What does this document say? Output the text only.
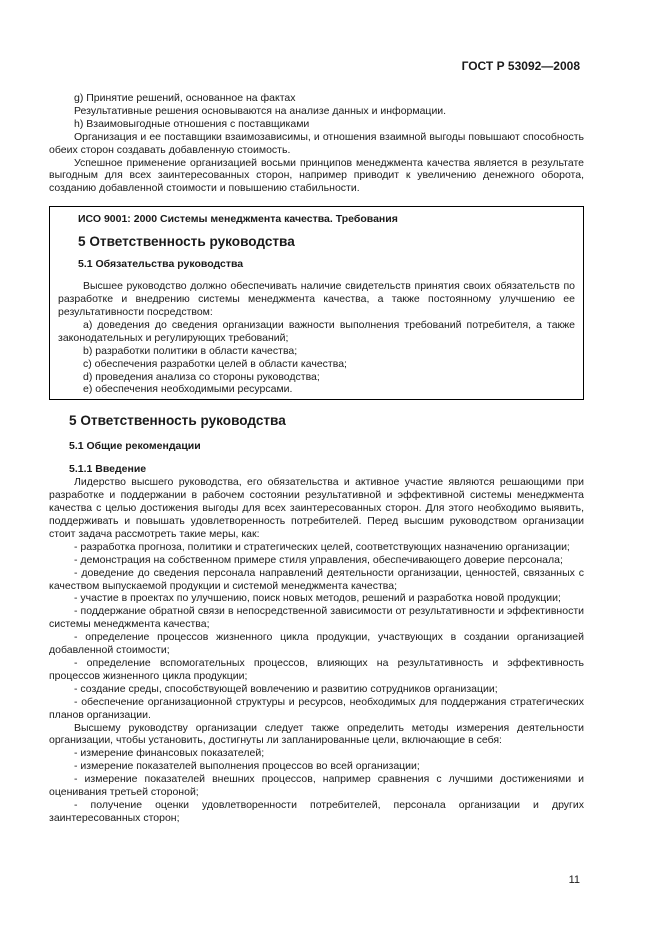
ГОСТ Р 53092—2008

g) Принятие решений, основанное на фактах

Результативные решения основываются на анализе данных и информации.

h) Взаимовыгодные отношения с поставщиками

Организация и ее поставщики взаимозависимы, и отношения взаимной выгоды повышают способность обеих сторон создавать добавленную стоимость.

Успешное применение организацией восьми принципов менеджмента качества является в результате выгодным для всех заинтересованных сторон, например приводит к увеличению денежного оборота, созданию добавленной стоимости и повышению стабильности.

ИСО 9001: 2000 Системы менеджмента качества. Требования
5 Ответственность руководства
5.1 Обязательства руководства

Высшее руководство должно обеспечивать наличие свидетельств принятия своих обязательств по разработке и внедрению системы менеджмента качества, а также постоянному улучшению ее результативности посредством:

a) доведения до сведения организации важности выполнения требований потребителя, а также законодательных и регулирующих требований;

b) разработки политики в области качества;

c) обеспечения разработки целей в области качества;

d) проведения анализа со стороны руководства;

e) обеспечения необходимыми ресурсами.

5 Ответственность руководства
5.1 Общие рекомендации
5.1.1 Введение

Лидерство высшего руководства, его обязательства и активное участие являются решающими при разработке и поддержании в рабочем состоянии результативной и эффективной системы менеджмента качества с целью достижения выгоды для всех заинтересованных сторон. Для этого необходимо выявить, поддерживать и повышать удовлетворенность потребителей. Перед высшим руководством организации стоит задача рассмотреть такие меры, как:

- разработка прогноза, политики и стратегических целей, соответствующих назначению организации;

- демонстрация на собственном примере стиля управления, обеспечивающего доверие персонала;

- доведение до сведения персонала направлений деятельности организации, ценностей, связанных с качеством выпускаемой продукции и системой менеджмента качества;

- участие в проектах по улучшению, поиск новых методов, решений и разработка новой продукции;

- поддержание обратной связи в непосредственной зависимости от результативности и эффективности системы менеджмента качества;

- определение процессов жизненного цикла продукции, участвующих в создании организацией добавленной стоимости;

- определение вспомогательных процессов, влияющих на результативность и эффективность процессов жизненного цикла продукции;

- создание среды, способствующей вовлечению и развитию сотрудников организации;

- обеспечение организационной структуры и ресурсов, необходимых для поддержания стратегических планов организации.

Высшему руководству организации следует также определить методы измерения деятельности организации, чтобы установить, достигнуты ли запланированные цели, включающие в себя:

- измерение финансовых показателей;

- измерение показателей выполнения процессов во всей организации;

- измерение показателей внешних процессов, например сравнения с лучшими достижениями и оценивания третьей стороной;

- получение оценки удовлетворенности потребителей, персонала организации и других заинтересованных сторон;

11
